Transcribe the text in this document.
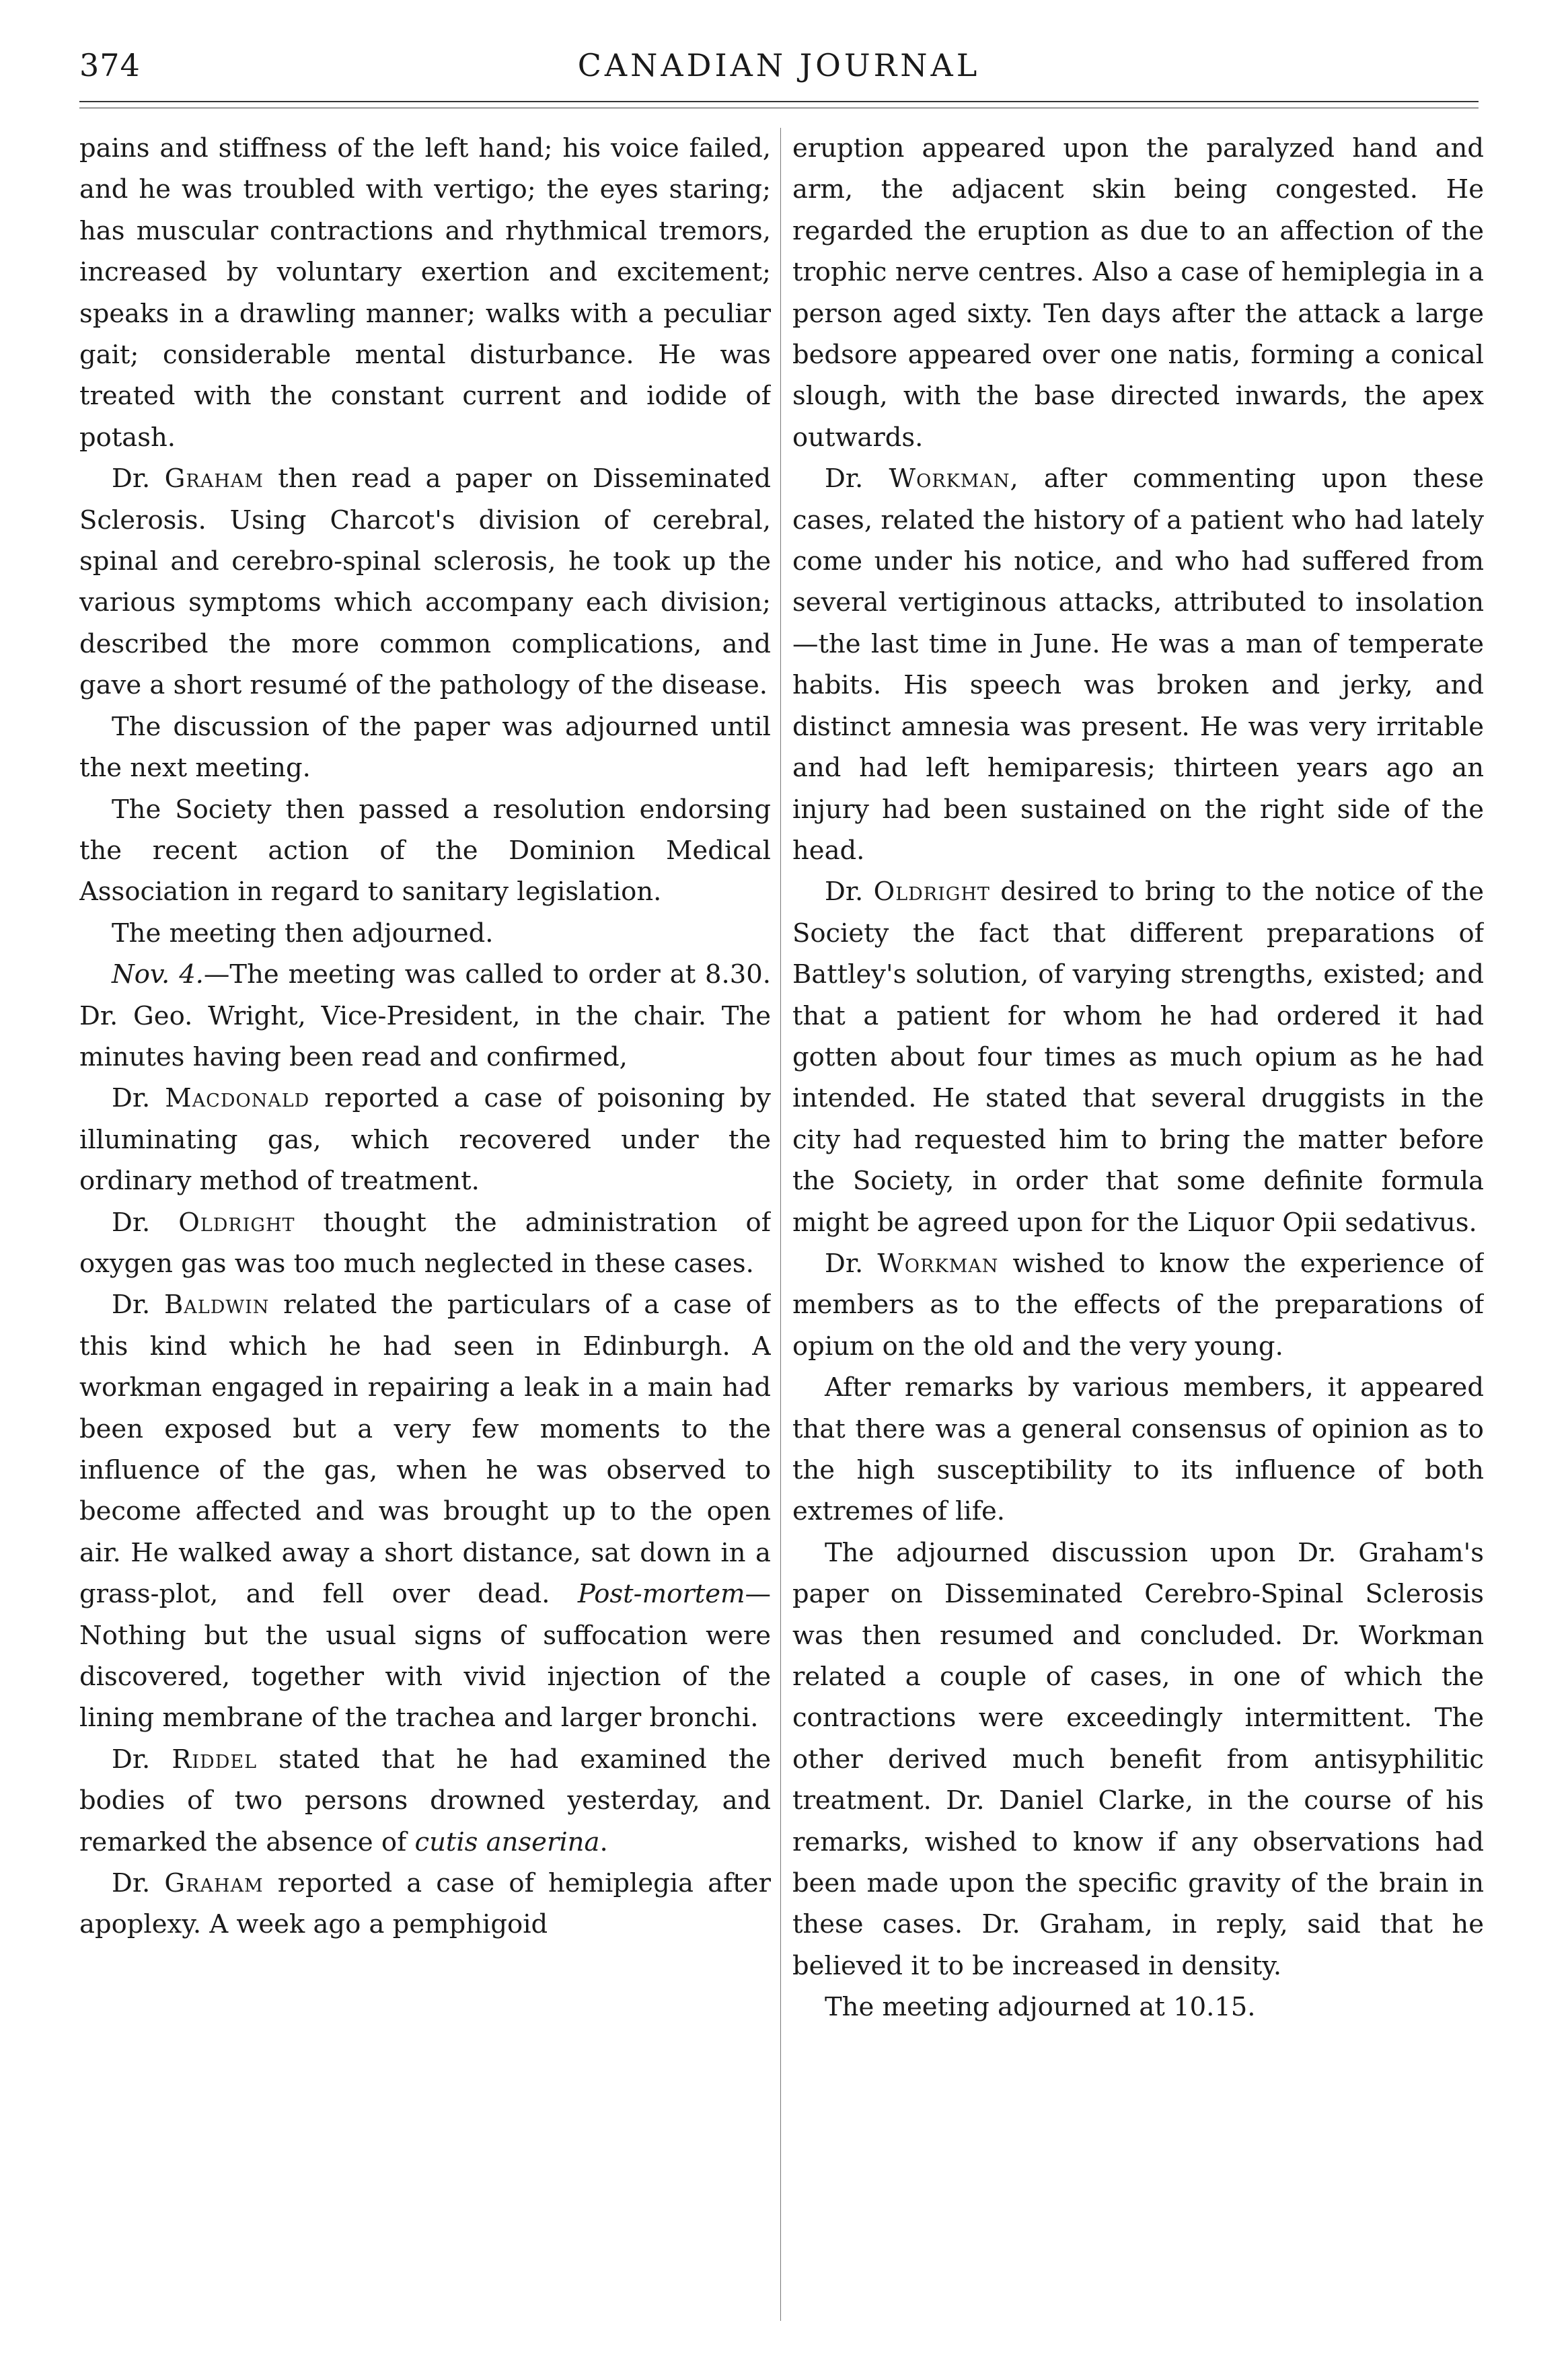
374	CANADIAN JOURNAL

pains and stiffness of the left hand; his voice failed, and he was troubled with vertigo; the eyes staring; has muscular contractions and rhythmical tremors, increased by voluntary exertion and excitement; speaks in a drawling manner; walks with a peculiar gait; considerable mental disturbance. He was treated with the constant current and iodide of potash.

Dr. Graham then read a paper on Disseminated Sclerosis. Using Charcot's division of cerebral, spinal and cerebro-spinal sclerosis, he took up the various symptoms which accompany each division; described the more common complications, and gave a short resumé of the pathology of the disease.

The discussion of the paper was adjourned until the next meeting.

The Society then passed a resolution endorsing the recent action of the Dominion Medical Association in regard to sanitary legislation.

The meeting then adjourned.

Nov. 4.—The meeting was called to order at 8.30. Dr. Geo. Wright, Vice-President, in the chair. The minutes having been read and confirmed,

Dr. Macdonald reported a case of poisoning by illuminating gas, which recovered under the ordinary method of treatment.

Dr. Oldright thought the administration of oxygen gas was too much neglected in these cases.

Dr. Baldwin related the particulars of a case of this kind which he had seen in Edinburgh. A workman engaged in repairing a leak in a main had been exposed but a very few moments to the influence of the gas, when he was observed to become affected and was brought up to the open air. He walked away a short distance, sat down in a grass-plot, and fell over dead. Post-mortem—Nothing but the usual signs of suffocation were discovered, together with vivid injection of the lining membrane of the trachea and larger bronchi.

Dr. Riddel stated that he had examined the bodies of two persons drowned yesterday, and remarked the absence of cutis anserina.

Dr. Graham reported a case of hemiplegia after apoplexy. A week ago a pemphigoid

eruption appeared upon the paralyzed hand and arm, the adjacent skin being congested. He regarded the eruption as due to an affection of the trophic nerve centres. Also a case of hemiplegia in a person aged sixty. Ten days after the attack a large bedsore appeared over one natis, forming a conical slough, with the base directed inwards, the apex outwards.

Dr. Workman, after commenting upon these cases, related the history of a patient who had lately come under his notice, and who had suffered from several vertiginous attacks, attributed to insolation—the last time in June. He was a man of temperate habits. His speech was broken and jerky, and distinct amnesia was present. He was very irritable and had left hemiparesis; thirteen years ago an injury had been sustained on the right side of the head.

Dr. Oldright desired to bring to the notice of the Society the fact that different preparations of Battley's solution, of varying strengths, existed; and that a patient for whom he had ordered it had gotten about four times as much opium as he had intended. He stated that several druggists in the city had requested him to bring the matter before the Society, in order that some definite formula might be agreed upon for the Liquor Opii sedativus.

Dr. Workman wished to know the experience of members as to the effects of the preparations of opium on the old and the very young.

After remarks by various members, it appeared that there was a general consensus of opinion as to the high susceptibility to its influence of both extremes of life.

The adjourned discussion upon Dr. Graham's paper on Disseminated Cerebro-Spinal Sclerosis was then resumed and concluded. Dr. Workman related a couple of cases, in one of which the contractions were exceedingly intermittent. The other derived much benefit from antisyphilitic treatment. Dr. Daniel Clarke, in the course of his remarks, wished to know if any observations had been made upon the specific gravity of the brain in these cases. Dr. Graham, in reply, said that he believed it to be increased in density.

The meeting adjourned at 10.15.
